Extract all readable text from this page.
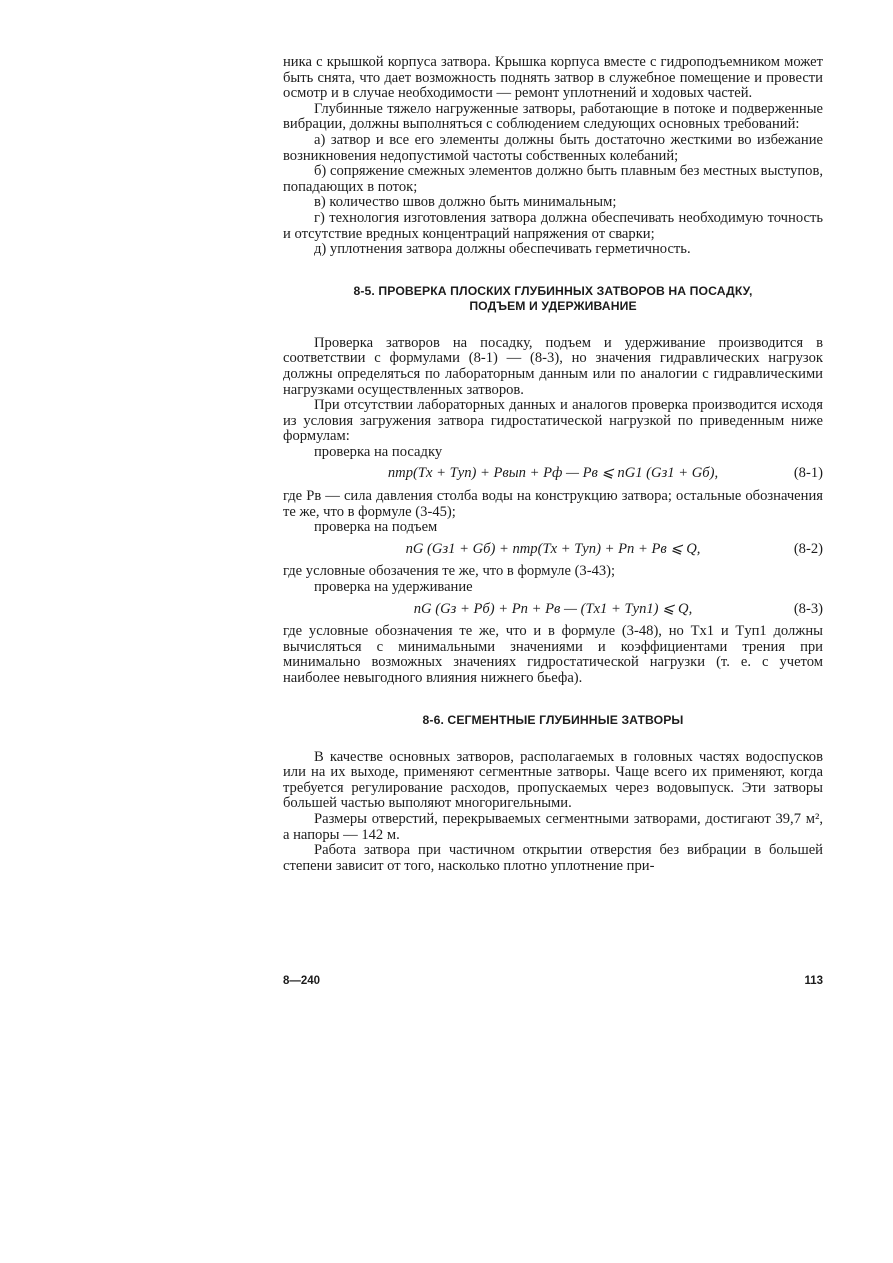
ника с крышкой корпуса затвора. Крышка корпуса вместе с гидроподъемником может быть снята, что дает возможность поднять затвор в служебное помещение и провести осмотр и в случае необходимости — ремонт уплотнений и ходовых частей.

Глубинные тяжело нагруженные затворы, работающие в потоке и подверженные вибрации, должны выполняться с соблюдением следующих основных требований:

а) затвор и все его элементы должны быть достаточно жесткими во избежание возникновения недопустимой частоты собственных колебаний;

б) сопряжение смежных элементов должно быть плавным без местных выступов, попадающих в поток;

в) количество швов должно быть минимальным;

г) технология изготовления затвора должна обеспечивать необходимую точность и отсутствие вредных концентраций напряжения от сварки;

д) уплотнения затвора должны обеспечивать герметичность.

8-5. ПРОВЕРКА ПЛОСКИХ ГЛУБИННЫХ ЗАТВОРОВ НА ПОСАДКУ,
ПОДЪЕМ И УДЕРЖИВАНИЕ

Проверка затворов на посадку, подъем и удерживание производится в соответствии с формулами (8-1) — (8-3), но значения гидравлических нагрузок должны определяться по лабораторным данным или по аналогии с гидравлическими нагрузками осуществленных затворов.

При отсутствии лабораторных данных и аналогов проверка производится исходя из условия загружения затвора гидростатической нагрузкой по приведенным ниже формулам:

проверка на посадку

nтр(Tх + Tуп) + Pвып + Pф — Pв ⩽ nG1 (Gз1 + Gб),	(8-1)

где Pв — сила давления столба воды на конструкцию затвора; остальные обозначения те же, что в формуле (3-45);

проверка на подъем

nG (Gз1 + Gб) + nтр(Tх + Tуп) + Pп + Pв ⩽ Q,	(8-2)

где условные обозачения те же, что в формуле (3-43);

проверка на удерживание

nG (Gз + Pб) + Pп + Pв — (Tх1 + Tуп1) ⩽ Q,	(8-3)

где условные обозначения те же, что и в формуле (3-48), но Tх1 и Tуп1 должны вычисляться с минимальными значениями и коэффициентами трения при минимально возможных значениях гидростатической нагрузки (т. е. с учетом наиболее невыгодного влияния нижнего бьефа).

8-6. СЕГМЕНТНЫЕ ГЛУБИННЫЕ ЗАТВОРЫ

В качестве основных затворов, располагаемых в головных частях водоспусков или на их выходе, применяют сегментные затворы. Чаще всего их применяют, когда требуется регулирование расходов, пропускаемых через водовыпуск. Эти затворы большей частью выполяют многоригельными.

Размеры отверстий, перекрываемых сегментными затворами, достигают 39,7 м², а напоры — 142 м.

Работа затвора при частичном открытии отверстия без вибрации в большей степени зависит от того, насколько плотно уплотнение при-

8—240	113
